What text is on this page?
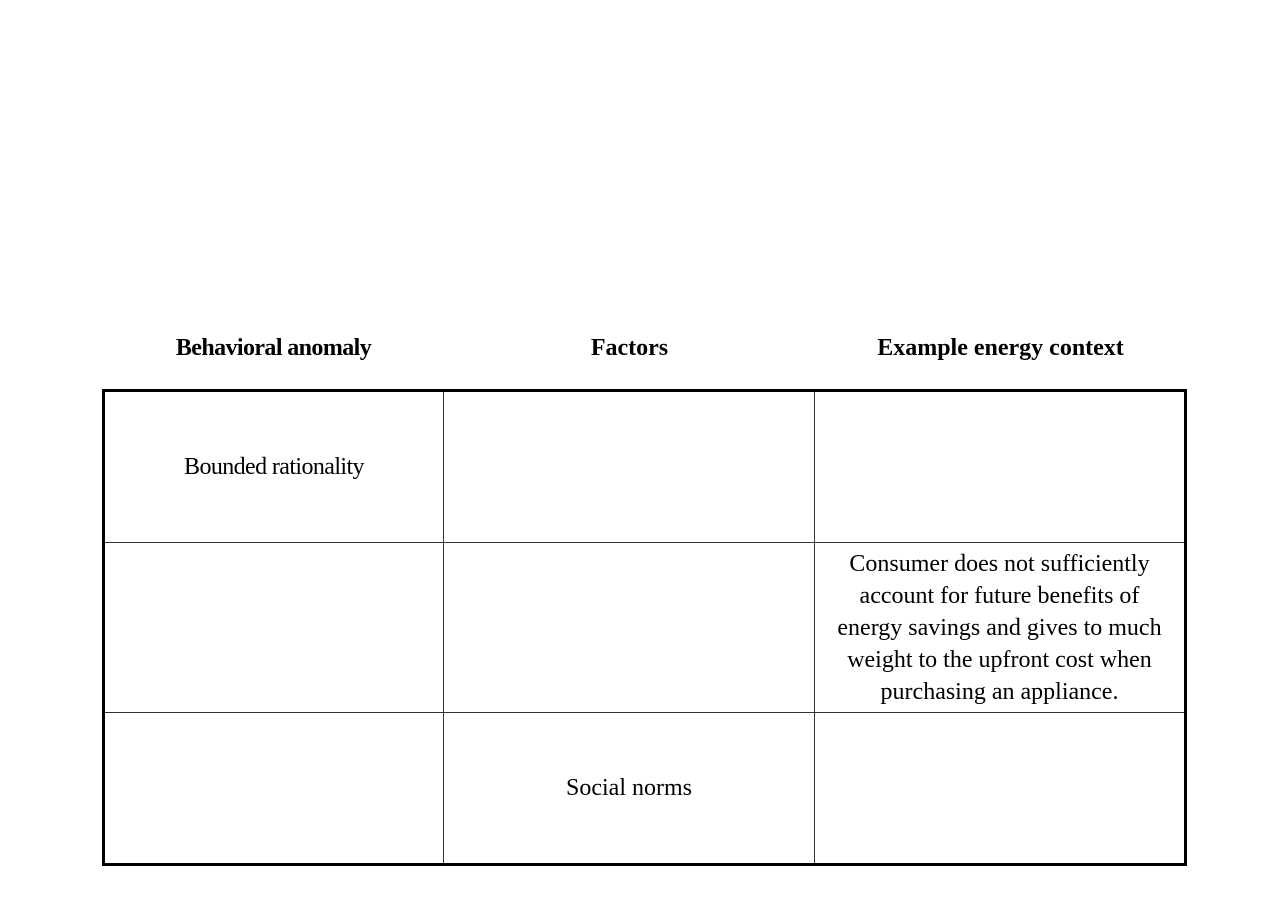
Behavioral anomaly	Factors	Example energy context
Bounded rationality		
		Consumer does not sufficiently account for future benefits of energy savings and gives to much weight to the upfront cost when purchasing an appliance.
	Social norms	
